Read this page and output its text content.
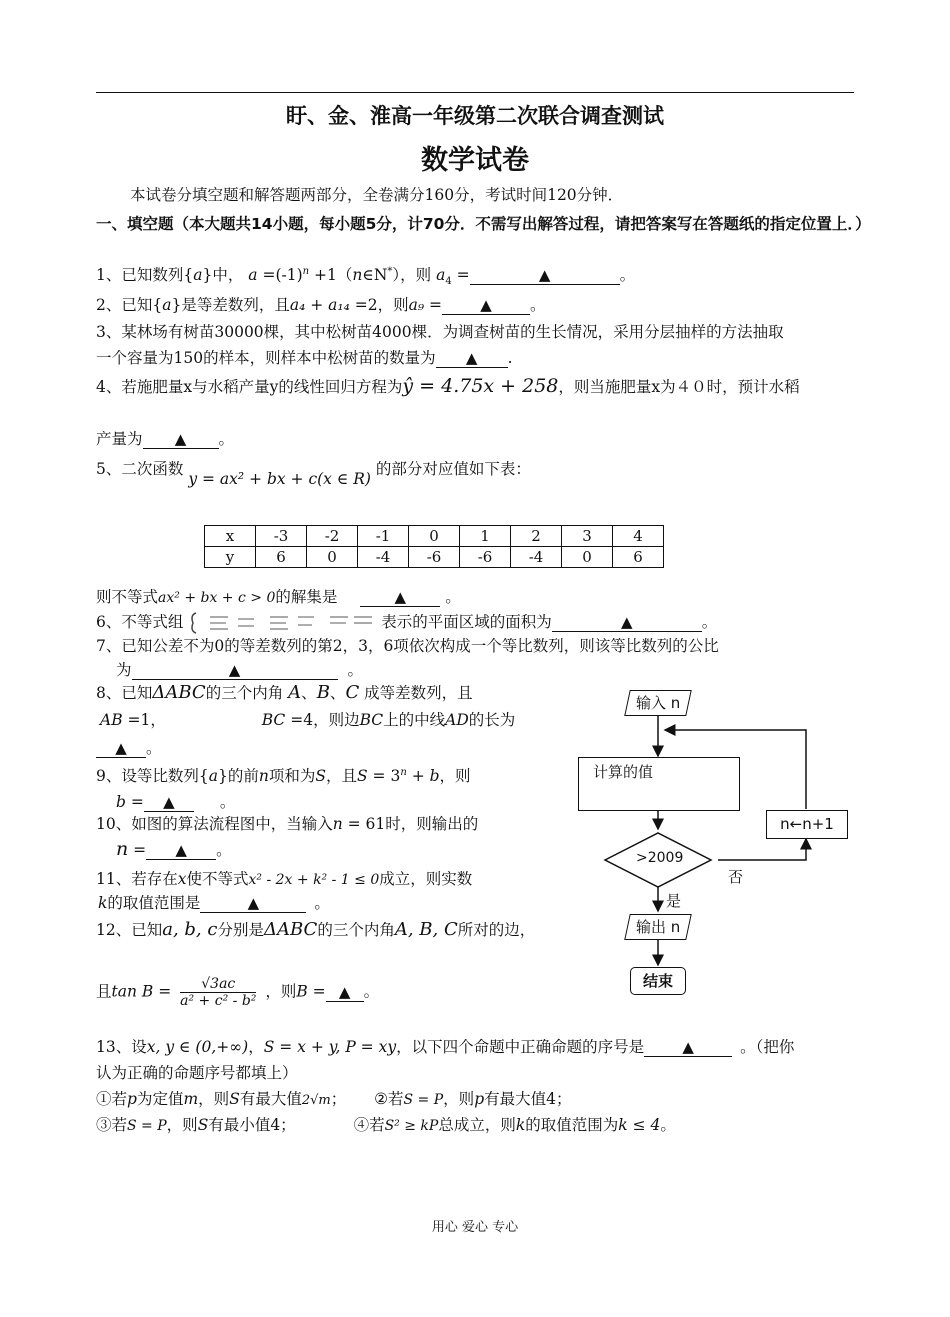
盱、金、淮高一年级第二次联合调查测试
数学试卷
本试卷分填空题和解答题两部分，全卷满分160分，考试时间120分钟．
一、填空题（本大题共14小题，每小题5分，计70分．不需写出解答过程，请把答案写在答题纸的指定位置上．）
1、已知数列{a}中， $a =(-1)^n$ +1（n∈N*），则 $a_4$ =	▲	。
2、已知{a}是等差数列，且a₄ + a₁₄ =2，则a₉ =	▲ 。
3、某林场有树苗30000棵，其中松树苗4000棵．为调查树苗的生长情况，采用分层抽样的方法抽取
一个容量为150的样本，则样本中松树苗的数量为 ▲ .
4、若施肥量x与水稻产量y的线性回归方程为ŷ = 4.75x + 258，则当施肥量x为４０时，预计水稻
产量为 ▲ 。
5、二次函数 y = ax² + bx + c(x ∈ R) 的部分对应值如下表：
x	-3	-2	-1	0	1	2	3	4
y	6	0	-4	-6	-6	-4	0	6
则不等式ax² + bx + c > 0的解集是	▲	。
6、不等式组	表示的平面区域的面积为	▲	。
7、已知公差不为0的等差数列的第2，3，6项依次构成一个等比数列，则该等比数列的公比
为	▲	。
8、已知ΔABC的三个内角 A、B、C 成等差数列，且
AB =1，	BC =4，则边BC上的中线AD的长为
▲ 。
9、设等比数列{a}的前n项和为S，且$S = 3^n + b$，则
b = ▲	。
10、如图的算法流程图中，当输入n = 61时，则输出的
n = ▲ 。
11、若存在x使不等式x² - 2x + k² - 1 ≤ 0成立，则实数
k的取值范围是	▲	。
12、已知a, b, c分别是ΔABC的三个内角A, B, C所对的边，
且$\tan B = \frac{√3ac}{\text{a² + c² - b²}}$ ，则B = ▲ 。
13、设x, y ∈ (0,+∞)，S = x + y, P = xy，以下四个命题中正确命题的序号是	▲	。（把你
认为正确的命题序号都填上）
①若p为定值m，则S有最大值2√m； ②若S = P，则p有最大值4；
③若S = P，则S有最小值4；	④若S² ≥ kP总成立，则k的取值范围为k ≤ 4。
输入 n
计算的值
>2009
n←n+1
否
是
输出 n
结束
用心 爱心 专心
